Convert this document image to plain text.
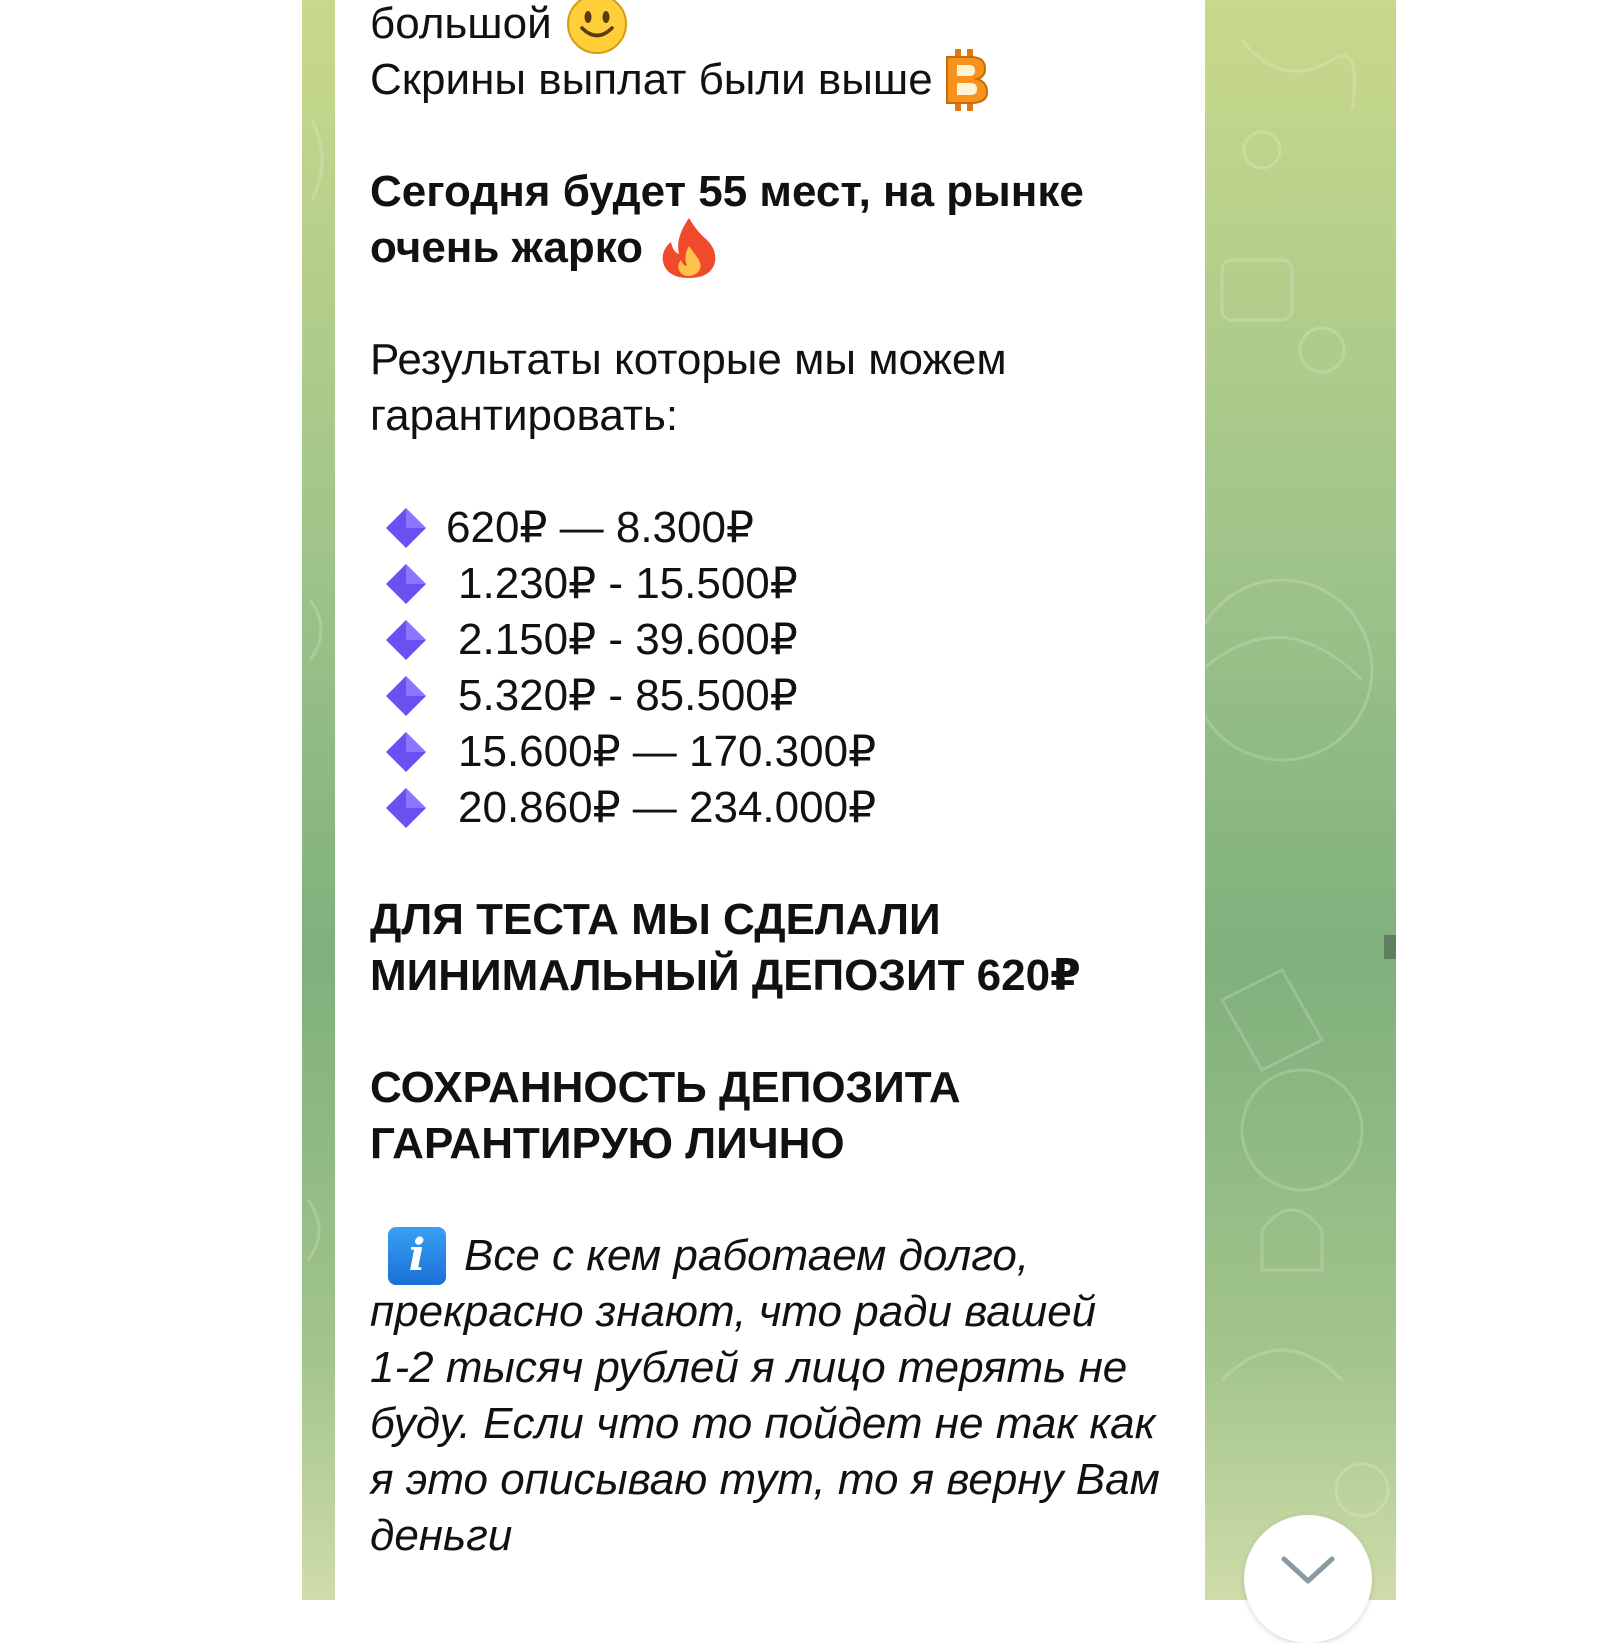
большой
Скрины выплат были выше
Сегодня будет 55 мест, на рынке
очень жарко
Результаты которые мы можем
гарантировать:
620₽ — 8.300₽
1.230₽ - 15.500₽
2.150₽ - 39.600₽
5.320₽ - 85.500₽
15.600₽ — 170.300₽
20.860₽ — 234.000₽
ДЛЯ ТЕСТА МЫ СДЕЛАЛИ
МИНИМАЛЬНЫЙ ДЕПОЗИТ 620₽
СОХРАННОСТЬ ДЕПОЗИТА
ГАРАНТИРУЮ ЛИЧНО
i Все с кем работаем долго,
прекрасно знают, что ради вашей
1-2 тысяч рублей я лицо терять не
буду. Если что то пойдет не так как
я это описываю тут, то я верну Вам
деньги
